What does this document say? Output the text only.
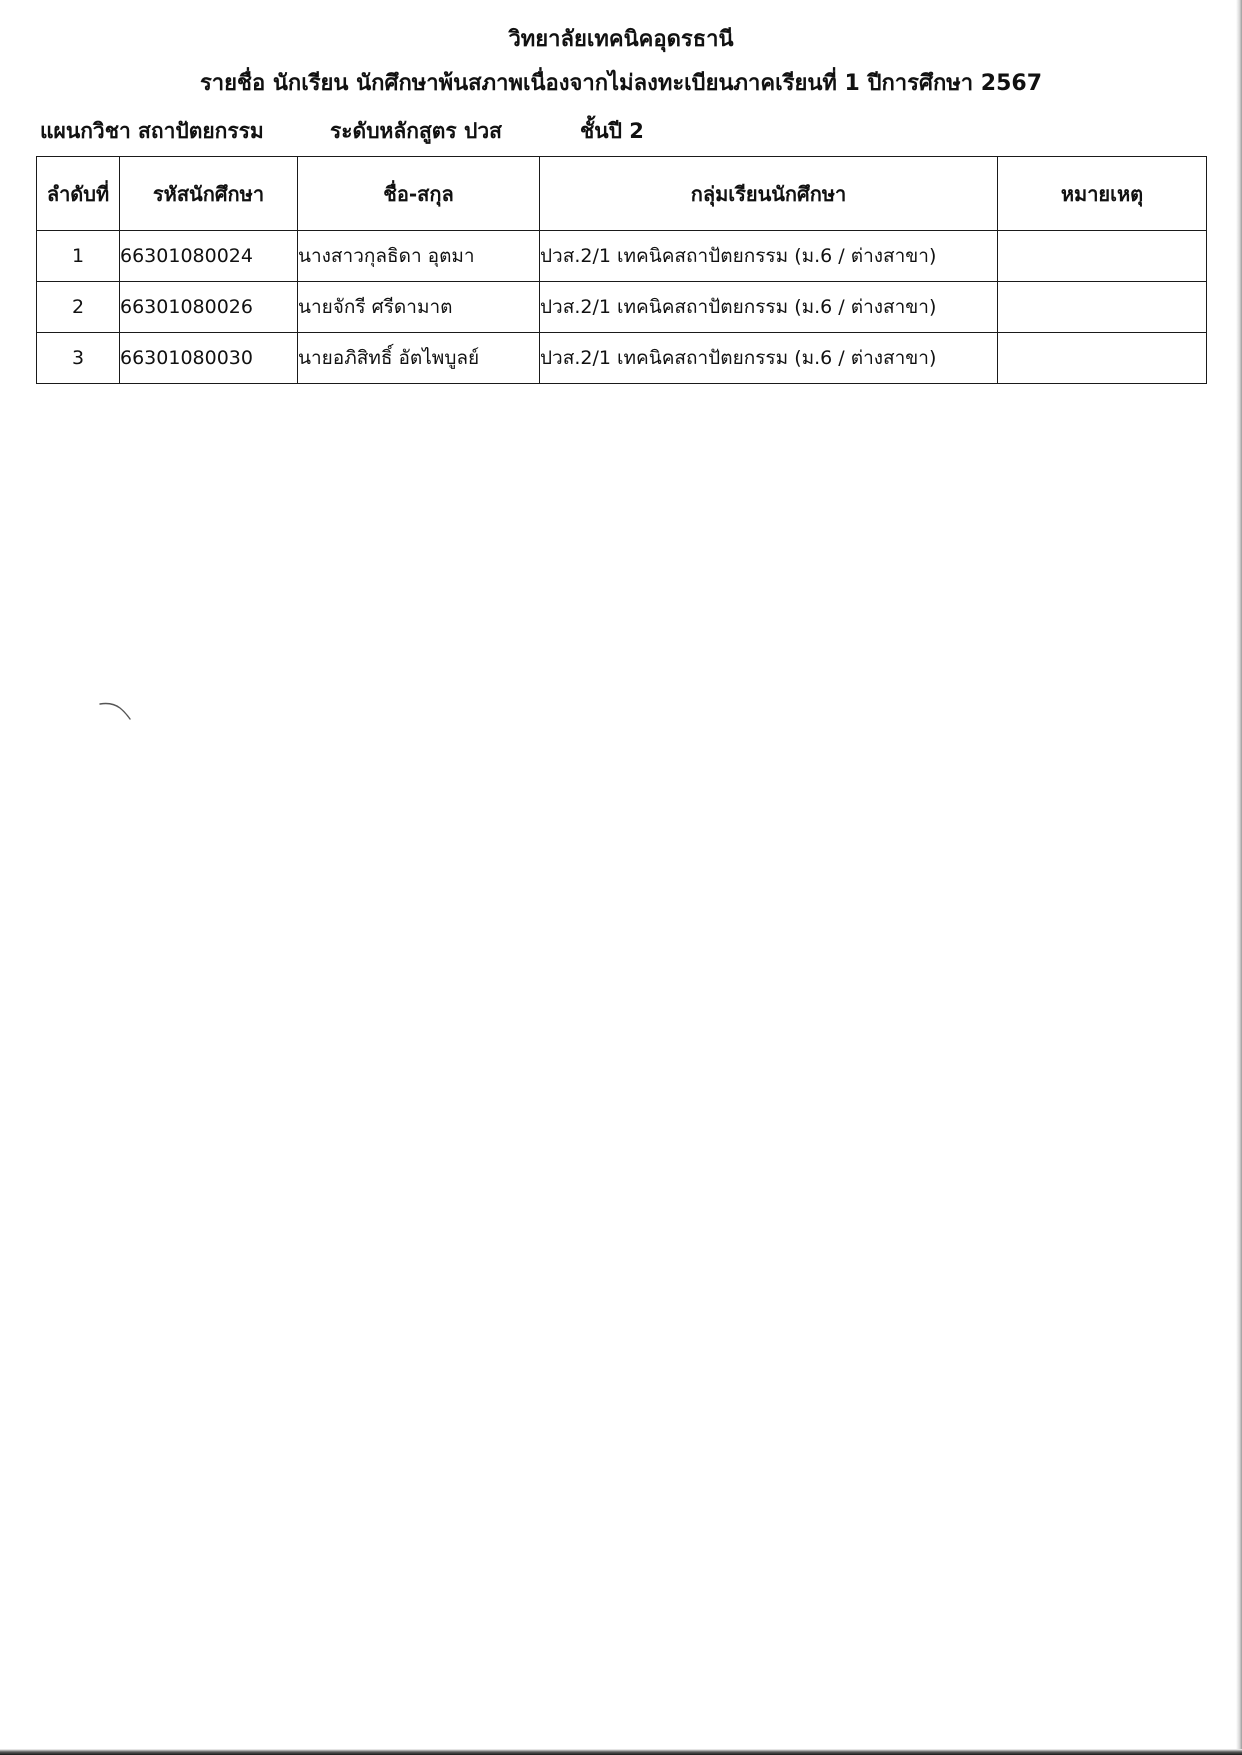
วิทยาลัยเทคนิคอุดรธานี
รายชื่อ นักเรียน นักศึกษาพ้นสภาพเนื่องจากไม่ลงทะเบียนภาคเรียนที่ 1 ปีการศึกษา 2567
แผนกวิชา สถาปัตยกรรม	ระดับหลักสูตร ปวส	ชั้นปี 2
ลำดับที่	รหัสนักศึกษา	ชื่อ-สกุล	กลุ่มเรียนนักศึกษา	หมายเหตุ
1	66301080024	นางสาวกุลธิดา อุตมา	ปวส.2/1 เทคนิคสถาปัตยกรรม (ม.6 / ต่างสาขา)	
2	66301080026	นายจักรี ศรีดามาต	ปวส.2/1 เทคนิคสถาปัตยกรรม (ม.6 / ต่างสาขา)	
3	66301080030	นายอภิสิทธิ์ อัตไพบูลย์	ปวส.2/1 เทคนิคสถาปัตยกรรม (ม.6 / ต่างสาขา)	
